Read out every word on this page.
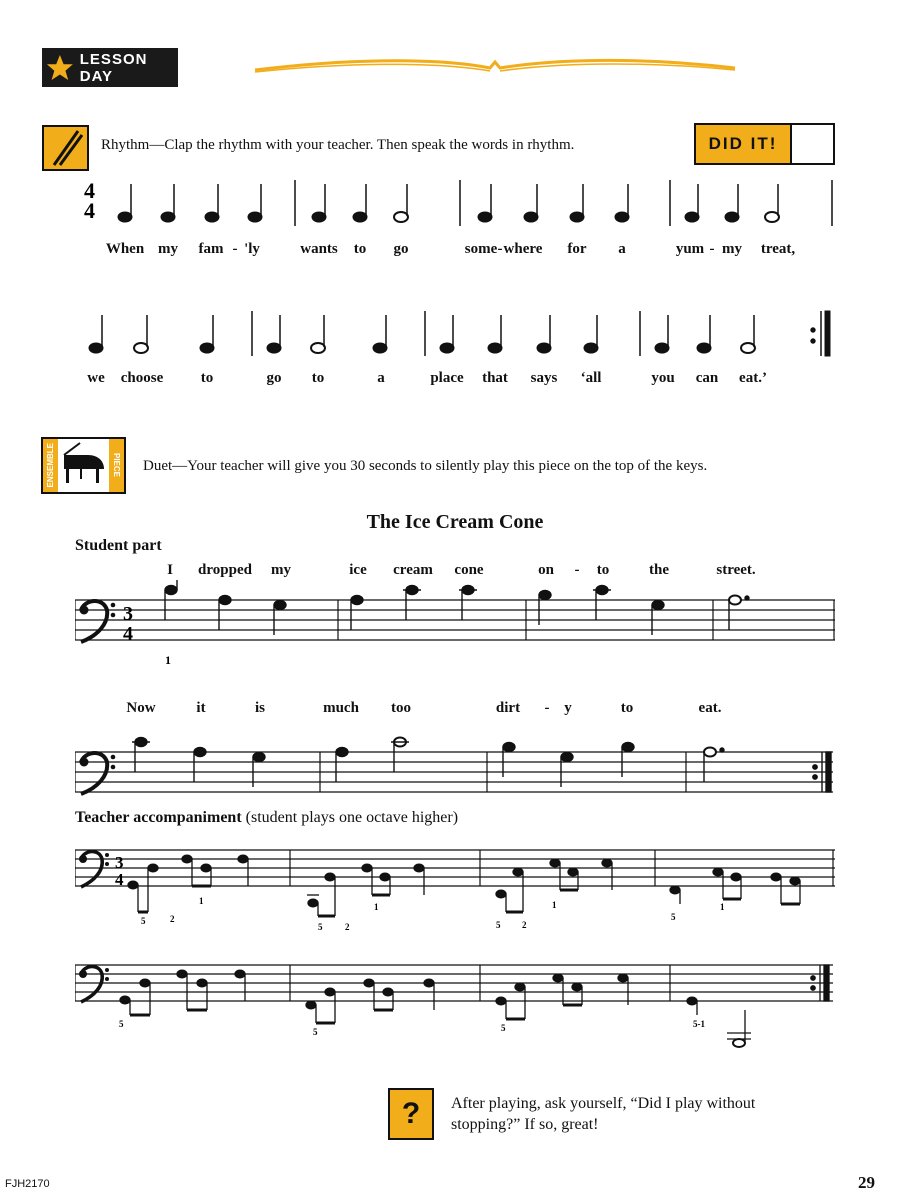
LESSON DAY
Rhythm—Clap the rhythm with your teacher. Then speak the words in rhythm.	DID IT!
4
4
When my fam - 'ly	wants to go	some - where for a	yum - my treat,
we choose	to	go to	a	place that says ‘all	you can eat.’
ENSEMBLE	PIECE Duet—Your teacher will give you 30 seconds to silently play this piece on the top of the keys.
The Ice Cream Cone
Student part
I dropped my	ice cream cone	on - to	the	street.
3
4
1
Now	it	is	much too	dirt - y	to	eat.
Teacher accompaniment (student plays one octave higher)
3
4
5	2
1
5	2
1
5 2
1
5
1
5
5	5	5-1
?	After playing, ask yourself, “Did I play without
stopping?” If so, great!
FJH2170	29
